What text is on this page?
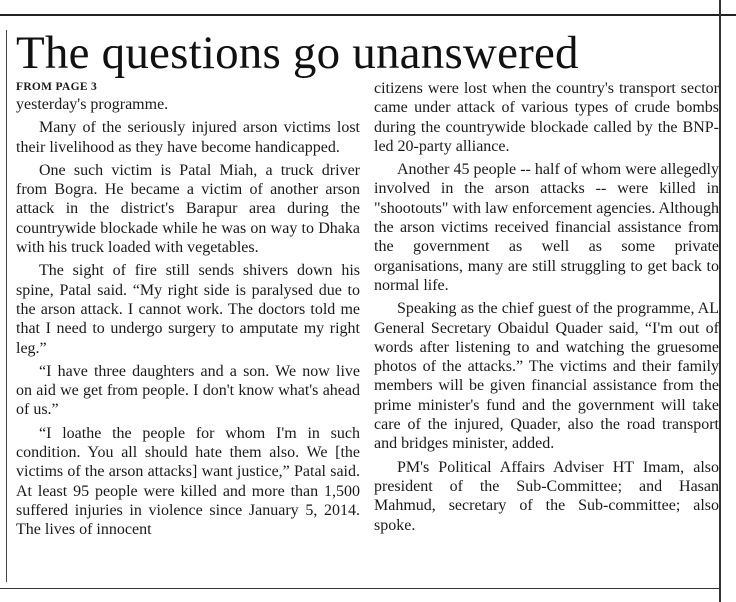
The questions go unanswered
FROM PAGE 3

yesterday's programme.

Many of the seriously injured arson victims lost their livelihood as they have become handicapped.

One such victim is Patal Miah, a truck driver from Bogra. He became a victim of another arson attack in the district's Barapur area during the countrywide blockade while he was on way to Dhaka with his truck loaded with vegetables.

The sight of fire still sends shivers down his spine, Patal said. “My right side is paralysed due to the arson attack. I cannot work. The doctors told me that I need to undergo surgery to amputate my right leg.”

“I have three daughters and a son. We now live on aid we get from people. I don't know what's ahead of us.”

“I loathe the people for whom I'm in such condition. You all should hate them also. We [the victims of the arson attacks] want justice,” Patal said. At least 95 people were killed and more than 1,500 suffered injuries in violence since January 5, 2014. The lives of innocent

citizens were lost when the country's transport sector came under attack of various types of crude bombs during the countrywide blockade called by the BNP-led 20-party alliance.

Another 45 people -- half of whom were allegedly involved in the arson attacks -- were killed in "shootouts" with law enforcement agencies. Although the arson victims received financial assistance from the government as well as some private organisations, many are still struggling to get back to normal life.

Speaking as the chief guest of the programme, AL General Secretary Obaidul Quader said, “I'm out of words after listening to and watching the gruesome photos of the attacks.” The victims and their family members will be given financial assistance from the prime minister's fund and the government will take care of the injured, Quader, also the road transport and bridges minister, added.

PM's Political Affairs Adviser HT Imam, also president of the Sub-Committee; and Hasan Mahmud, secretary of the Sub-committee; also spoke.
